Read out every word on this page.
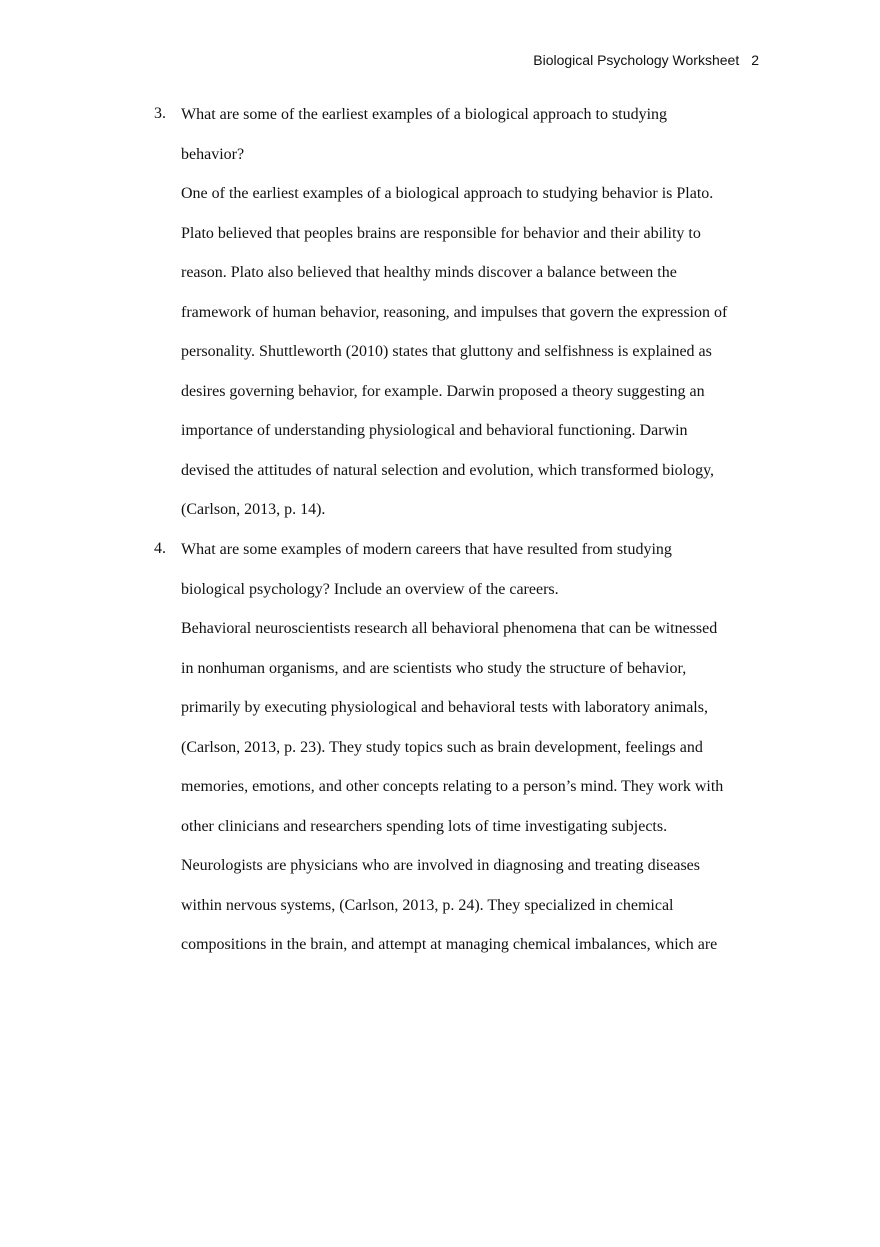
Biological Psychology Worksheet 2
3. What are some of the earliest examples of a biological approach to studying
behavior?
One of the earliest examples of a biological approach to studying behavior is Plato.
Plato believed that peoples brains are responsible for behavior and their ability to
reason. Plato also believed that healthy minds discover a balance between the
framework of human behavior, reasoning, and impulses that govern the expression of
personality. Shuttleworth (2010) states that gluttony and selfishness is explained as
desires governing behavior, for example. Darwin proposed a theory suggesting an
importance of understanding physiological and behavioral functioning. Darwin
devised the attitudes of natural selection and evolution, which transformed biology,
(Carlson, 2013, p. 14).
4. What are some examples of modern careers that have resulted from studying
biological psychology? Include an overview of the careers.
Behavioral neuroscientists research all behavioral phenomena that can be witnessed
in nonhuman organisms, and are scientists who study the structure of behavior,
primarily by executing physiological and behavioral tests with laboratory animals,
(Carlson, 2013, p. 23). They study topics such as brain development, feelings and
memories, emotions, and other concepts relating to a person’s mind. They work with
other clinicians and researchers spending lots of time investigating subjects.
Neurologists are physicians who are involved in diagnosing and treating diseases
within nervous systems, (Carlson, 2013, p. 24). They specialized in chemical
compositions in the brain, and attempt at managing chemical imbalances, which are
